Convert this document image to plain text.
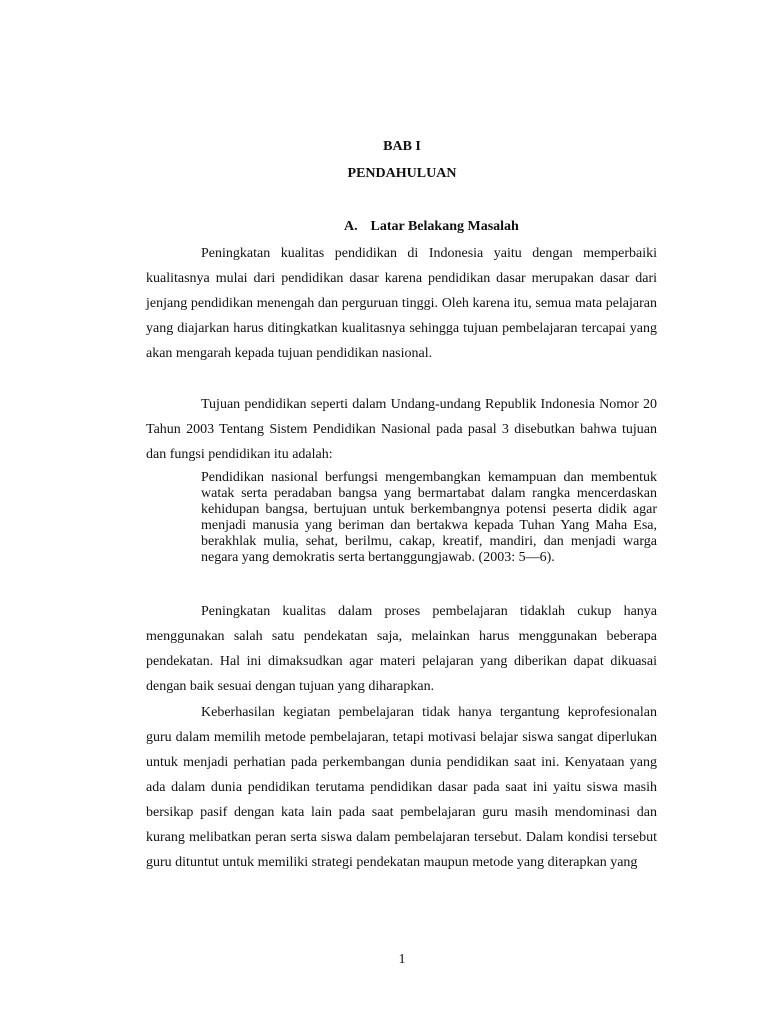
BAB I
PENDAHULUAN
A. Latar Belakang Masalah

Peningkatan kualitas pendidikan di Indonesia yaitu dengan memperbaiki kualitasnya mulai dari pendidikan dasar karena pendidikan dasar merupakan dasar dari jenjang pendidikan menengah dan perguruan tinggi. Oleh karena itu, semua mata pelajaran yang diajarkan harus ditingkatkan kualitasnya sehingga tujuan pembelajaran tercapai yang akan mengarah kepada tujuan pendidikan nasional.

Tujuan pendidikan seperti dalam Undang-undang Republik Indonesia Nomor 20 Tahun 2003 Tentang Sistem Pendidikan Nasional pada pasal 3 disebutkan bahwa tujuan dan fungsi pendidikan itu adalah:

Pendidikan nasional berfungsi mengembangkan kemampuan dan membentuk watak serta peradaban bangsa yang bermartabat dalam rangka mencerdaskan kehidupan bangsa, bertujuan untuk berkembangnya potensi peserta didik agar menjadi manusia yang beriman dan bertakwa kepada Tuhan Yang Maha Esa, berakhlak mulia, sehat, berilmu, cakap, kreatif, mandiri, dan menjadi warga negara yang demokratis serta bertanggungjawab. (2003: 5—6).

Peningkatan kualitas dalam proses pembelajaran tidaklah cukup hanya menggunakan salah satu pendekatan saja, melainkan harus menggunakan beberapa pendekatan. Hal ini dimaksudkan agar materi pelajaran yang diberikan dapat dikuasai dengan baik sesuai dengan tujuan yang diharapkan.

Keberhasilan kegiatan pembelajaran tidak hanya tergantung keprofesionalan guru dalam memilih metode pembelajaran, tetapi motivasi belajar siswa sangat diperlukan untuk menjadi perhatian pada perkembangan dunia pendidikan saat ini. Kenyataan yang ada dalam dunia pendidikan terutama pendidikan dasar pada saat ini yaitu siswa masih bersikap pasif dengan kata lain pada saat pembelajaran guru masih mendominasi dan kurang melibatkan peran serta siswa dalam pembelajaran tersebut. Dalam kondisi tersebut guru dituntut untuk memiliki strategi pendekatan maupun metode yang diterapkan yang

1
